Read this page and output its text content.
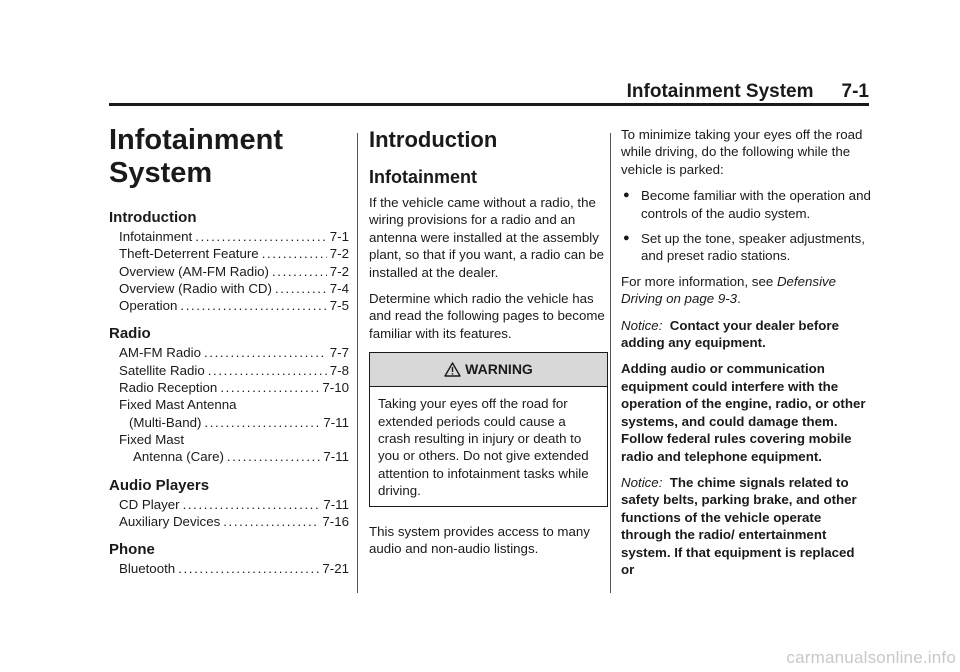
Infotainment System 7-1
Infotainment
System
Introduction
Infotainment .....	7-1
Theft-Deterrent Feature .....	7-2
Overview (AM-FM Radio) .....	7-2
Overview (Radio with CD) .....	7-4
Operation .....	7-5
Radio
AM-FM Radio .....	7-7
Satellite Radio .....	7-8
Radio Reception .....	7-10
Fixed Mast Antenna
(Multi-Band) .....	7-11
Fixed Mast
Antenna (Care) .....	7-11
Audio Players
CD Player .....	7-11
Auxiliary Devices .....	7-16
Phone
Bluetooth .....	7-21
Introduction
Infotainment

If the vehicle came without a radio, the wiring provisions for a radio and an antenna were installed at the assembly plant, so that if you want, a radio can be installed at the dealer.

Determine which radio the vehicle has and read the following pages to become familiar with its features.

WARNING
Taking your eyes off the road for extended periods could cause a crash resulting in injury or death to you or others. Do not give extended attention to infotainment tasks while driving.

This system provides access to many audio and non-audio listings.

To minimize taking your eyes off the road while driving, do the following while the vehicle is parked:

● Become familiar with the operation and controls of the audio system.
● Set up the tone, speaker adjustments, and preset radio stations.

For more information, see Defensive Driving on page 9-3.

Notice: Contact your dealer before adding any equipment.

Adding audio or communication equipment could interfere with the operation of the engine, radio, or other systems, and could damage them. Follow federal rules covering mobile radio and telephone equipment.

Notice: The chime signals related to safety belts, parking brake, and other functions of the vehicle operate through the radio/ entertainment system. If that equipment is replaced or

carmanualsonline.info
